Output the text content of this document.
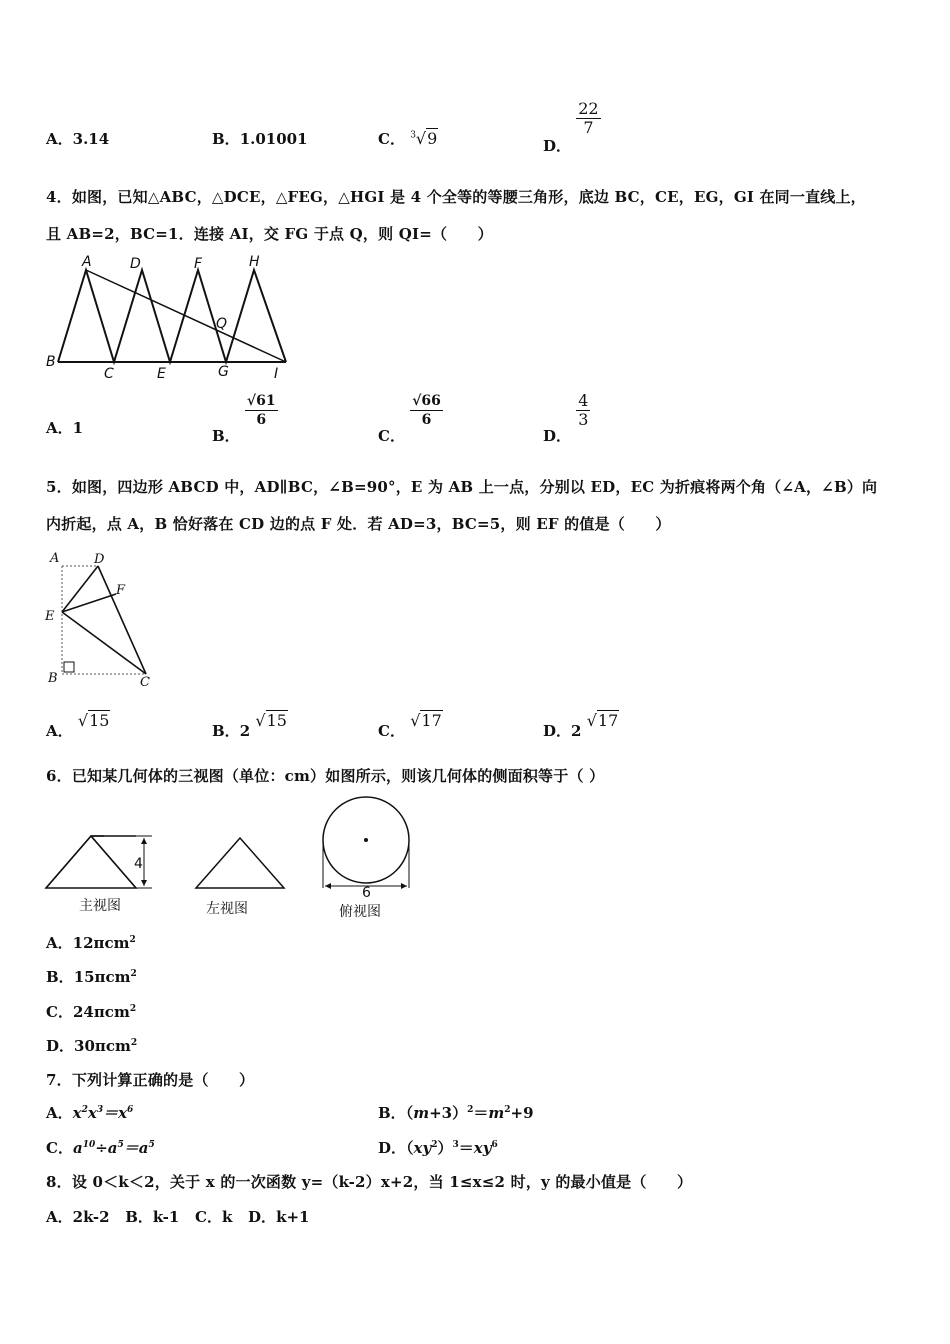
A．3.14	B．1.01001	C． $^3$√9	D．
$\frac{22}{7}$
4．如图，已知△ABC，△DCE，△FEG，△HGI 是 4 个全等的等腰三角形，底边 BC，CE，EG，GI 在同一直线上，
且 AB=2，BC=1．连接 AI，交 FG 于点 Q，则 QI=（　　）
A	D	F	H
Q
B
C	E	G	I
A．1	B．
$\frac{√61}{6}$
C．
$\frac{√66}{6}$
D．
$\frac{4}{3}$
5．如图，四边形 ABCD 中，AD∥BC，∠B=90°，E 为 AB 上一点，分别以 ED，EC 为折痕将两个角（∠A，∠B）向
内折起，点 A，B 恰好落在 CD 边的点 F 处．若 AD=3，BC=5，则 EF 的值是（　　）
A	D
F
E
B	C
A． √15
B．2 √15
C． √17
D．2 √17
6．已知某几何体的三视图（单位：cm）如图所示，则该几何体的侧面积等于（ ）
4
6
主视图	左视图	俯视图
A．12πcm$^2$
B．15πcm$^2$
C．24πcm$^2$
D．30πcm$^2$
7．下列计算正确的是（　　）
A．$x^2x^3=x^6$	B．$(m+3)^2=m^2+9$
C．$a^{10}\div a^5=a^5$	D．$(xy^2)^3=xy^6$
8．设 0＜k＜2，关于 x 的一次函数 y=（k-2）x+2，当 1≤x≤2 时，y 的最小值是（　　）
A．2k-2 B．k-1 C．k D．k+1
